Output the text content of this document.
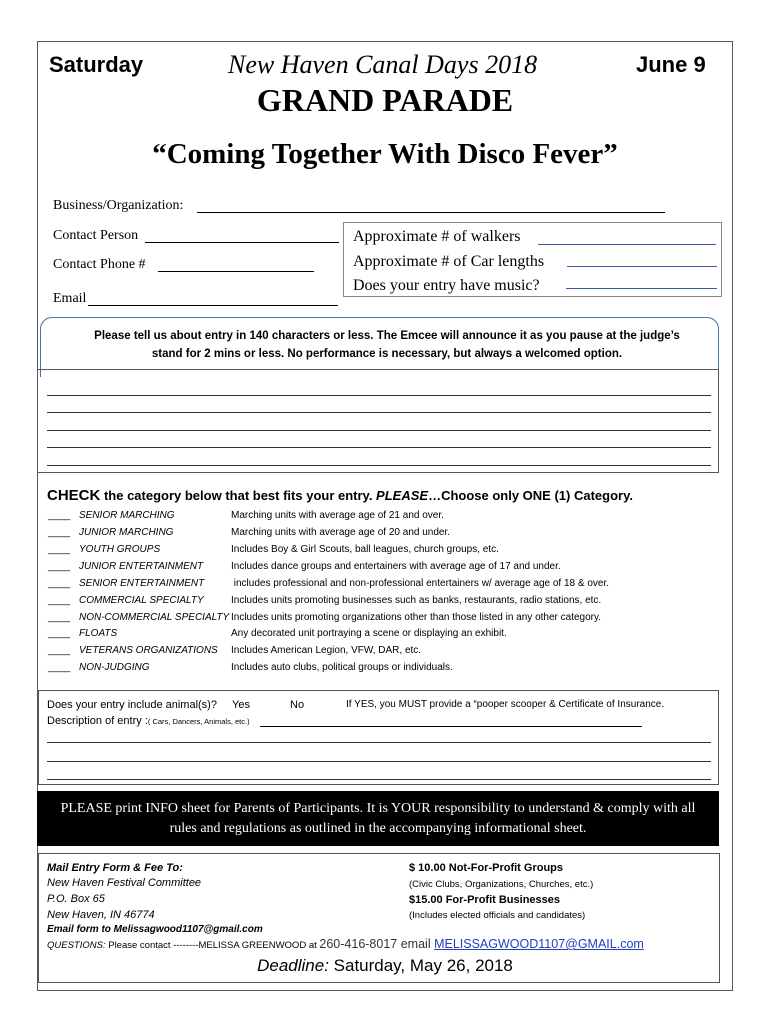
Saturday	New Haven Canal Days 2018	June 9
GRAND PARADE
“Coming Together With Disco Fever”
Business/Organization:
Contact Person
Contact Phone #
Email
Approximate # of walkers
Approximate # of Car lengths
Does your entry have music?
Please tell us about entry in 140 characters or less. The Emcee will announce it as you pause at the judge’s stand for 2 mins or less. No performance is necessary, but always a welcomed option.
CHECK the category below that best fits your entry. PLEASE…Choose only ONE (1) Category.
____ SENIOR MARCHING	Marching units with average age of 21 and over.
____ JUNIOR MARCHING	Marching units with average age of 20 and under.
____ YOUTH GROUPS	Includes Boy & Girl Scouts, ball leagues, church groups, etc.
____ JUNIOR ENTERTAINMENT	Includes dance groups and entertainers with average age of 17 and under.
____ SENIOR ENTERTAINMENT	includes professional and non-professional entertainers w/ average age of 18 & over.
____ COMMERCIAL SPECIALTY	Includes units promoting businesses such as banks, restaurants, radio stations, etc.
____ NON-COMMERCIAL SPECIALTY Includes units promoting organizations other than those listed in any other category.
____ FLOATS	Any decorated unit portraying a scene or displaying an exhibit.
____ VETERANS ORGANIZATIONS Includes American Legion, VFW, DAR, etc.
____ NON-JUDGING	Includes auto clubs, political groups or individuals.
Does your entry include animal(s)? Yes	No	If YES, you MUST provide a “pooper scooper & Certificate of Insurance.
Description of entry :( Cars, Dancers, Animals, etc.)
PLEASE print INFO sheet for Parents of Participants. It is YOUR responsibility to understand & comply with all rules and regulations as outlined in the accompanying informational sheet.
Mail Entry Form & Fee To:
New Haven Festival Committee
P.O. Box 65
New Haven, IN 46774
Email form to Melissagwood1107@gmail.com
$ 10.00 Not-For-Profit Groups
(Civic Clubs, Organizations, Churches, etc.)
$15.00 For-Profit Businesses
(Includes elected officials and candidates)
QUESTIONS: Please contact --------MELISSA GREENWOOD at 260-416-8017 email MELISSAGWOOD1107@GMAIL.com
Deadline: Saturday, May 26, 2018
